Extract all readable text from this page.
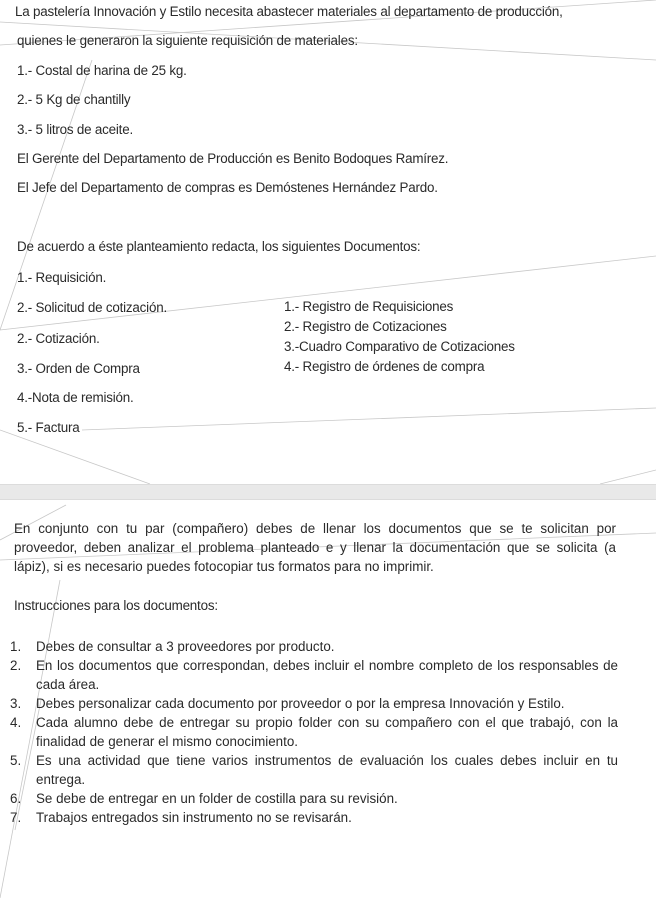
La pastelería Innovación y Estilo necesita abastecer materiales al departamento de producción,
quienes le generaron la siguiente requisición de materiales:
1.- Costal de harina de 25 kg.
2.- 5 Kg de chantilly
3.- 5 litros de aceite.
El Gerente del Departamento de Producción es Benito Bodoques Ramírez.
El Jefe del Departamento de compras es Demóstenes Hernández Pardo.
De acuerdo a éste planteamiento redacta, los siguientes Documentos:
1.- Requisición.
2.- Solicitud de cotización.
2.- Cotización.
3.- Orden de Compra
4.-Nota de remisión.
5.- Factura
1.- Registro de Requisiciones
2.- Registro de Cotizaciones
3.-Cuadro Comparativo de Cotizaciones
4.- Registro de órdenes de compra
En conjunto con tu par (compañero) debes de llenar los documentos que se te solicitan por
proveedor, deben analizar el problema planteado e y llenar la documentación que se solicita (a
lápiz), si es necesario puedes fotocopiar tus formatos para no imprimir.
Instrucciones para los documentos:
1.	Debes de consultar a 3 proveedores por producto.
2.	En los documentos que correspondan, debes incluir el nombre completo de los responsables de cada área.
3.	Debes personalizar cada documento por proveedor o por la empresa Innovación y Estilo.
4.	Cada alumno debe de entregar su propio folder con su compañero con el que trabajó, con la finalidad de generar el mismo conocimiento.
5.	Es una actividad que tiene varios instrumentos de evaluación los cuales debes incluir en tu entrega.
6.	Se debe de entregar en un folder de costilla para su revisión.
7.	Trabajos entregados sin instrumento no se revisarán.
